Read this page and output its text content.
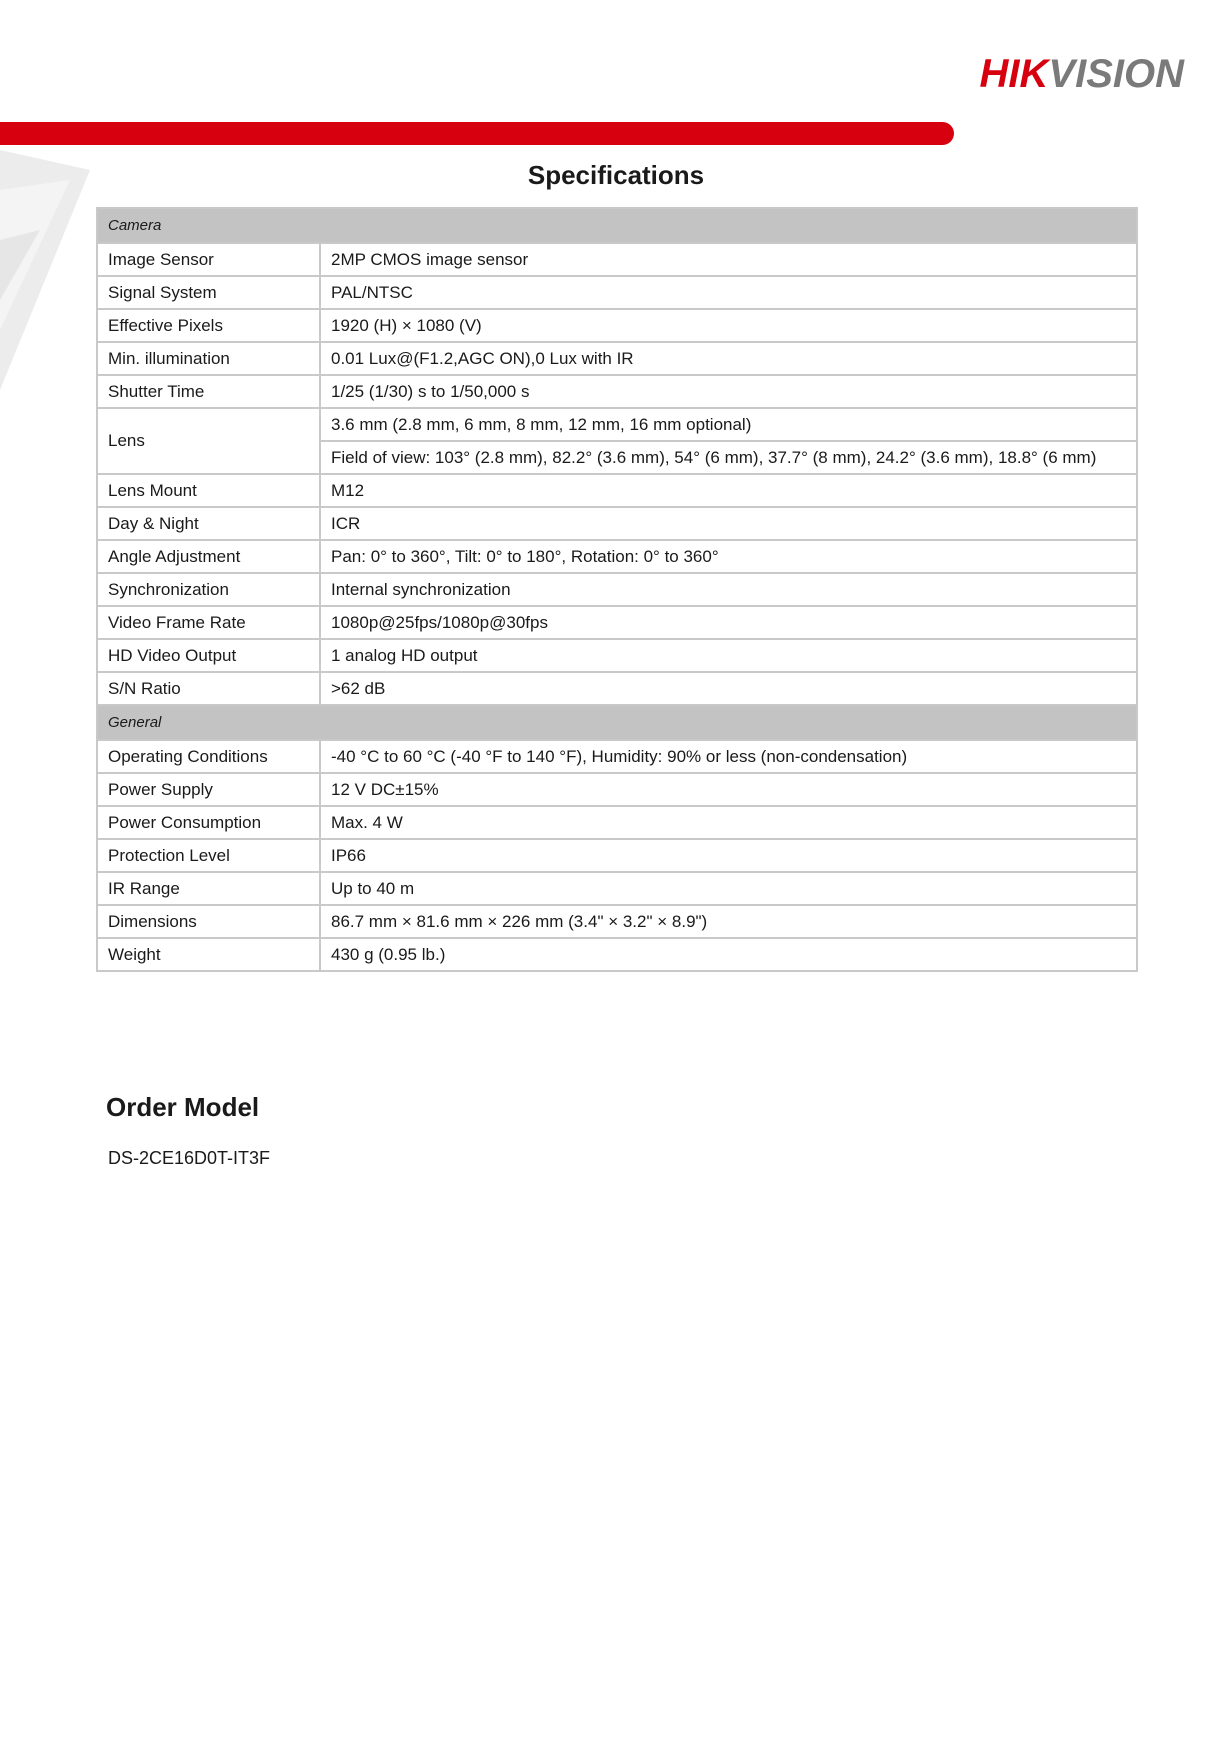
HIKVISION
Specifications
Camera	
Image Sensor	2MP CMOS image sensor
Signal System	PAL/NTSC
Effective Pixels	1920 (H) × 1080 (V)
Min. illumination	0.01 Lux@(F1.2,AGC ON),0 Lux with IR
Shutter Time	1/25 (1/30) s to 1/50,000 s
Lens	3.6 mm (2.8 mm, 6 mm, 8 mm, 12 mm, 16 mm optional)
	Field of view: 103° (2.8 mm), 82.2° (3.6 mm), 54° (6 mm), 37.7° (8 mm), 24.2° (3.6 mm), 18.8° (6 mm)
Lens Mount	M12
Day & Night	ICR
Angle Adjustment	Pan: 0° to 360°, Tilt: 0° to 180°, Rotation: 0° to 360°
Synchronization	Internal synchronization
Video Frame Rate	1080p@25fps/1080p@30fps
HD Video Output	1 analog HD output
S/N Ratio	>62 dB
General	
Operating Conditions	-40 °C to 60 °C (-40 °F to 140 °F), Humidity: 90% or less (non-condensation)
Power Supply	12 V DC±15%
Power Consumption	Max. 4 W
Protection Level	IP66
IR Range	Up to 40 m
Dimensions	86.7 mm × 81.6 mm × 226 mm (3.4" × 3.2" × 8.9")
Weight	430 g (0.95 lb.)
Order Model
DS-2CE16D0T-IT3F
